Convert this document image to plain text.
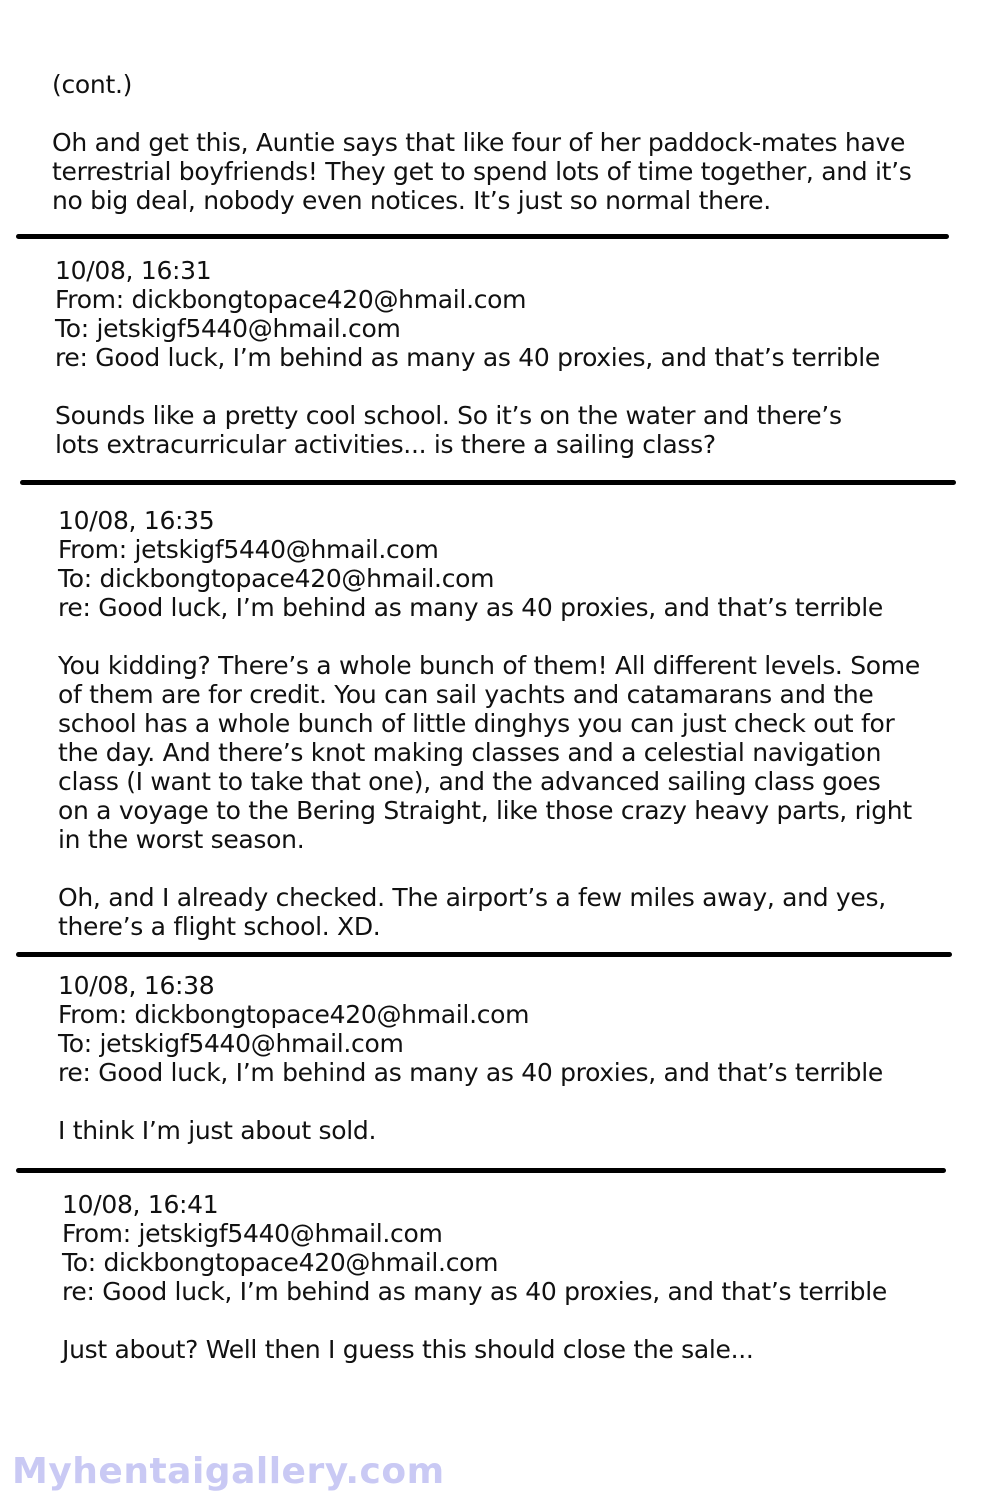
(cont.)
Oh and get this, Auntie says that like four of her paddock-mates have
terrestrial boyfriends! They get to spend lots of time together, and it’s
no big deal, nobody even notices. It’s just so normal there.
10/08, 16:31
From: dickbongtopace420@hmail.com
To: jetskigf5440@hmail.com
re: Good luck, I’m behind as many as 40 proxies, and that’s terrible
Sounds like a pretty cool school. So it’s on the water and there’s
lots extracurricular activities... is there a sailing class?
10/08, 16:35
From: jetskigf5440@hmail.com
To: dickbongtopace420@hmail.com
re: Good luck, I’m behind as many as 40 proxies, and that’s terrible
You kidding? There’s a whole bunch of them! All different levels. Some
of them are for credit. You can sail yachts and catamarans and the
school has a whole bunch of little dinghys you can just check out for
the day. And there’s knot making classes and a celestial navigation
class (I want to take that one), and the advanced sailing class goes
on a voyage to the Bering Straight, like those crazy heavy parts, right
in the worst season.
Oh, and I already checked. The airport’s a few miles away, and yes,
there’s a flight school. XD.
10/08, 16:38
From: dickbongtopace420@hmail.com
To: jetskigf5440@hmail.com
re: Good luck, I’m behind as many as 40 proxies, and that’s terrible
I think I’m just about sold.
10/08, 16:41
From: jetskigf5440@hmail.com
To: dickbongtopace420@hmail.com
re: Good luck, I’m behind as many as 40 proxies, and that’s terrible
Just about? Well then I guess this should close the sale...
Myhentaigallery.com
